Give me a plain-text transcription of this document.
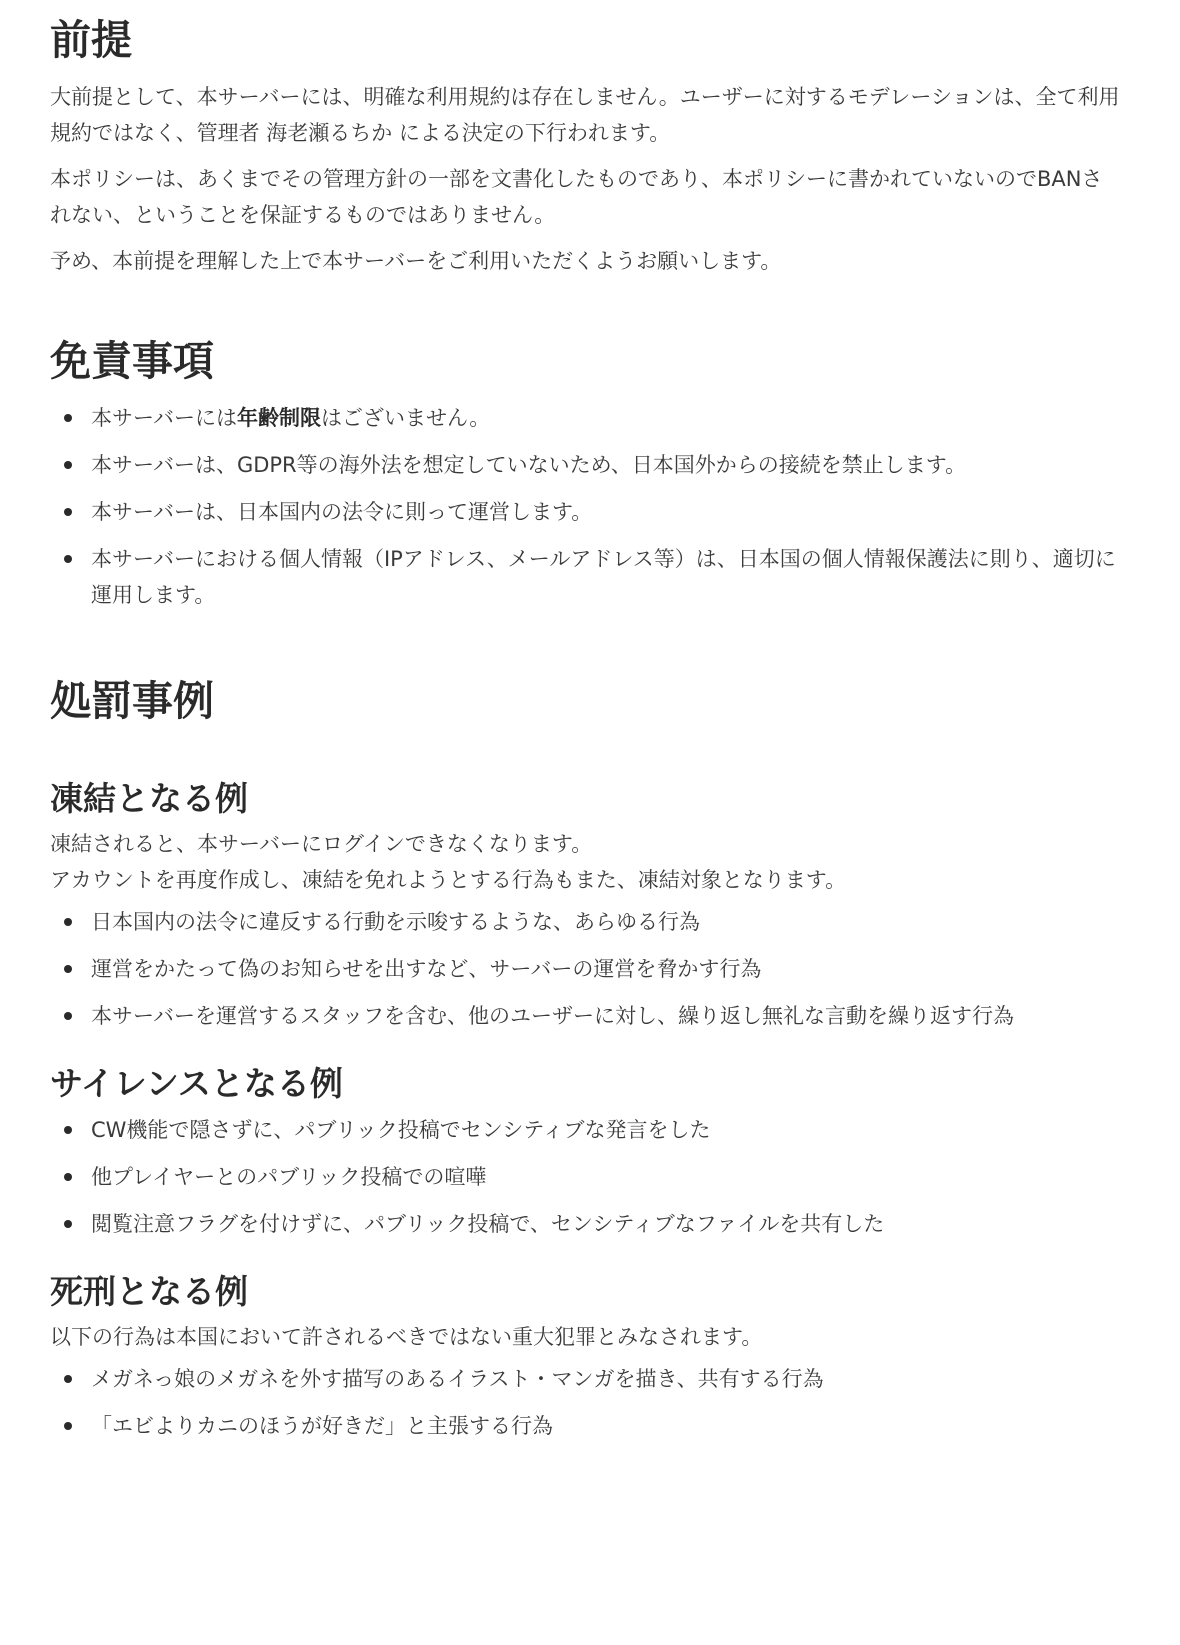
前提

大前提として、本サーバーには、明確な利用規約は存在しません。ユーザーに対するモデレーションは、全て利用規約ではなく、管理者 海老瀬るちか による決定の下行われます。

本ポリシーは、あくまでその管理方針の一部を文書化したものであり、本ポリシーに書かれていないのでBANされない、ということを保証するものではありません。

予め、本前提を理解した上で本サーバーをご利用いただくようお願いします。

免責事項
本サーバーには年齢制限はございません。
本サーバーは、GDPR等の海外法を想定していないため、日本国外からの接続を禁止します。
本サーバーは、日本国内の法令に則って運営します。
本サーバーにおける個人情報（IPアドレス、メールアドレス等）は、日本国の個人情報保護法に則り、適切に運用します。
処罰事例
凍結となる例

凍結されると、本サーバーにログインできなくなります。
アカウントを再度作成し、凍結を免れようとする行為もまた、凍結対象となります。

日本国内の法令に違反する行動を示唆するような、あらゆる行為
運営をかたって偽のお知らせを出すなど、サーバーの運営を脅かす行為
本サーバーを運営するスタッフを含む、他のユーザーに対し、繰り返し無礼な言動を繰り返す行為
サイレンスとなる例
CW機能で隠さずに、パブリック投稿でセンシティブな発言をした
他プレイヤーとのパブリック投稿での喧嘩
閲覧注意フラグを付けずに、パブリック投稿で、センシティブなファイルを共有した
死刑となる例

以下の行為は本国において許されるべきではない重大犯罪とみなされます。

メガネっ娘のメガネを外す描写のあるイラスト・マンガを描き、共有する行為
「エビよりカニのほうが好きだ」と主張する行為
